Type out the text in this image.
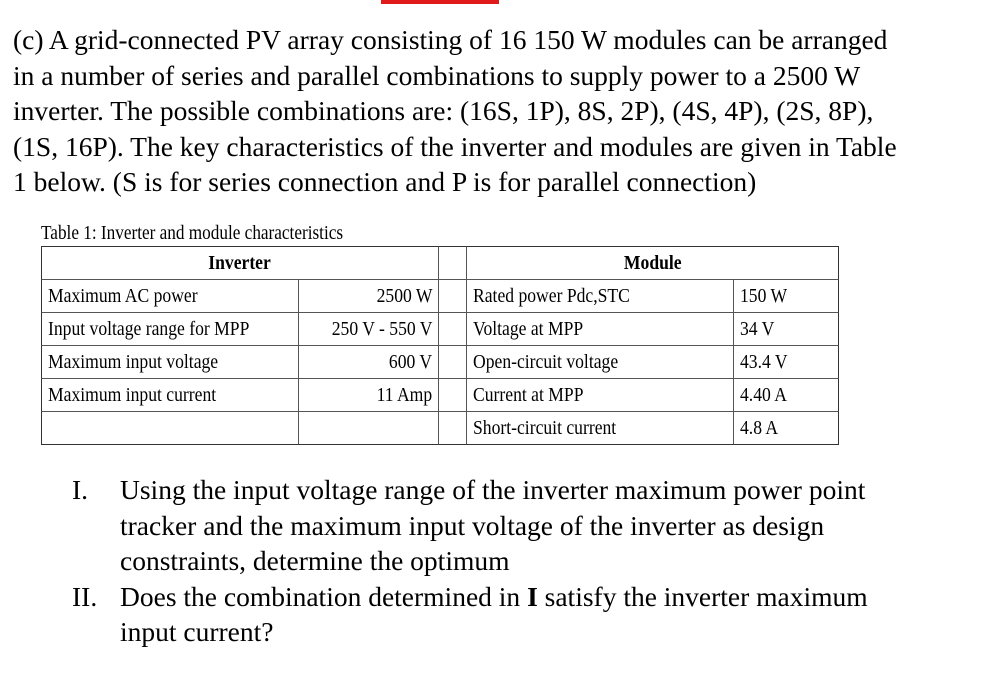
(c) A grid-connected PV array consisting of 16 150 W modules can be arranged
in a number of series and parallel combinations to supply power to a 2500 W
inverter. The possible combinations are: (16S, 1P), 8S, 2P), (4S, 4P), (2S, 8P),
(1S, 16P). The key characteristics of the inverter and modules are given in Table
1 below. (S is for series connection and P is for parallel connection)

Table 1: Inverter and module characteristics
Inverter			Module	
Maximum AC power	2500 W		Rated power Pdc,STC	150 W
Input voltage range for MPP	250 V - 550 V		Voltage at MPP	34 V
Maximum input voltage	600 V		Open-circuit voltage	43.4 V
Maximum input current	11 Amp		Current at MPP	4.40 A
			Short-circuit current	4.8 A
I. Using the input voltage range of the inverter maximum power point
tracker and the maximum input voltage of the inverter as design
constraints, determine the optimum
II. Does the combination determined in I satisfy the inverter maximum
input current?
